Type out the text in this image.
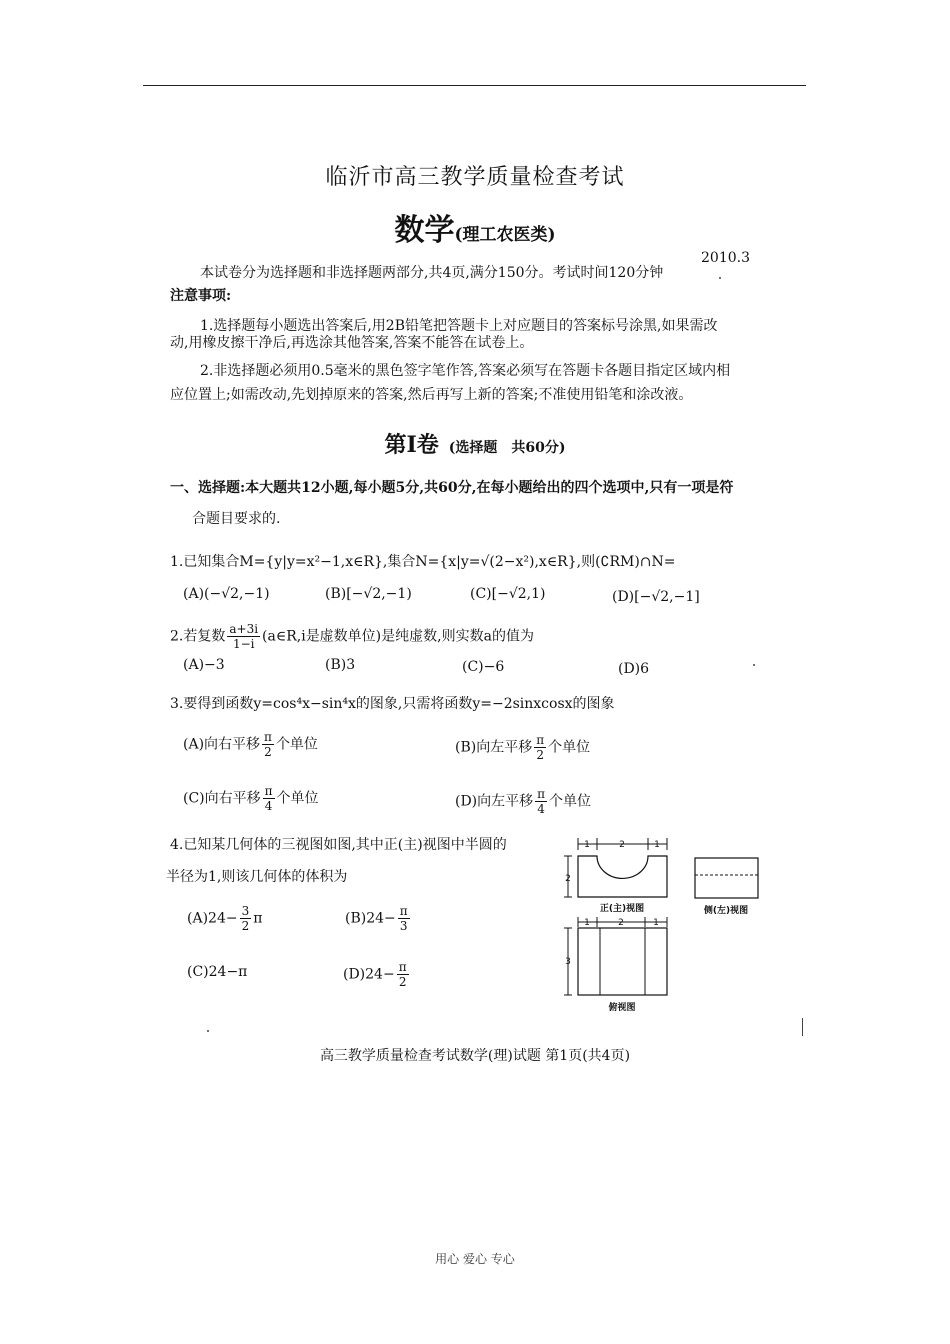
临沂市高三教学质量检查考试
数学(理工农医类)
2010.3
本试卷分为选择题和非选择题两部分,共4页,满分150分。考试时间120分钟
注意事项:
1.选择题每小题选出答案后,用2B铅笔把答题卡上对应题目的答案标号涂黑,如果需改
动,用橡皮擦干净后,再选涂其他答案,答案不能答在试卷上。
2.非选择题必须用0.5毫米的黑色签字笔作答,答案必须写在答题卡各题目指定区域内相
应位置上;如需改动,先划掉原来的答案,然后再写上新的答案;不准使用铅笔和涂改液。
第Ⅰ卷 (选择题　共60分)
一、选择题:本大题共12小题,每小题5分,共60分,在每小题给出的四个选项中,只有一项是符
合题目要求的.
1.已知集合M={y|y=x²−1,x∈R},集合N={x|y=√(2−x²),x∈R},则(∁RM)∩N=
(A)(−√2,−1)	(B)[−√2,−1)	(C)[−√2,1)	(D)[−√2,−1]
2.若复数 $\frac{a+3i}{1-i}$ (a∈R,i是虚数单位)是纯虚数,则实数a的值为
(A)−3	(B)3	(C)−6	(D)6
3.要得到函数y=cos⁴x−sin⁴x的图象,只需将函数y=−2sinxcosx的图象
(A)向右平移 $\frac{\pi}{2}$ 个单位	(B)向左平移 $\frac{\pi}{2}$ 个单位
(C)向右平移 $\frac{\pi}{4}$ 个单位	(D)向左平移 $\frac{\pi}{4}$ 个单位
4.已知某几何体的三视图如图,其中正(主)视图中半圆的
半径为1,则该几何体的体积为
$(A)24- \frac{3}{2}$ π	$(B)24- \frac{\pi}{3}$
(C)24−π	$(D)24- \frac{\pi}{2}$
1	2	1
2
正(主)视图	侧(左)视图
1	2	1
3
俯视图
高三教学质量检查考试数学(理)试题 第1页(共4页)
用心 爱心 专心
